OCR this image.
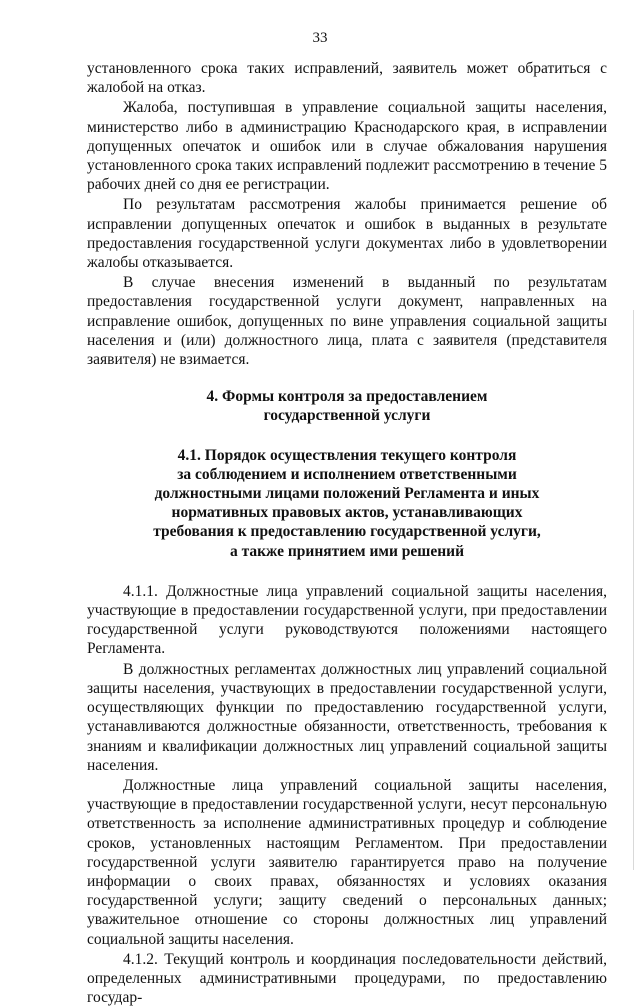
33

установленного срока таких исправлений, заявитель может обратиться с жалобой на отказ.

Жалоба, поступившая в управление социальной защиты населения, министерство либо в администрацию Краснодарского края, в исправлении допущенных опечаток и ошибок или в случае обжалования нарушения установленного срока таких исправлений подлежит рассмотрению в течение 5 рабочих дней со дня ее регистрации.

По результатам рассмотрения жалобы принимается решение об исправлении допущенных опечаток и ошибок в выданных в результате предоставления государственной услуги документах либо в удовлетворении жалобы отказывается.

В случае внесения изменений в выданный по результатам предоставления государственной услуги документ, направленных на исправление ошибок, допущенных по вине управления социальной защиты населения и (или) должностного лица, плата с заявителя (представителя заявителя) не взимается.

4. Формы контроля за предоставлением
государственной услуги
4.1. Порядок осуществления текущего контроля
за соблюдением и исполнением ответственными
должностными лицами положений Регламента и иных
нормативных правовых актов, устанавливающих
требования к предоставлению государственной услуги,
а также принятием ими решений

4.1.1. Должностные лица управлений социальной защиты населения, участвующие в предоставлении государственной услуги, при предоставлении государственной услуги руководствуются положениями настоящего Регламента.

В должностных регламентах должностных лиц управлений социальной защиты населения, участвующих в предоставлении государственной услуги, осуществляющих функции по предоставлению государственной услуги, устанавливаются должностные обязанности, ответственность, требования к знаниям и квалификации должностных лиц управлений социальной защиты населения.

Должностные лица управлений социальной защиты населения, участвующие в предоставлении государственной услуги, несут персональную ответственность за исполнение административных процедур и соблюдение сроков, установленных настоящим Регламентом. При предоставлении государственной услуги заявителю гарантируется право на получение информации о своих правах, обязанностях и условиях оказания государственной услуги; защиту сведений о персональных данных; уважительное отношение со стороны должностных лиц управлений социальной защиты населения.

4.1.2. Текущий контроль и координация последовательности действий, определенных административными процедурами, по предоставлению государ-
